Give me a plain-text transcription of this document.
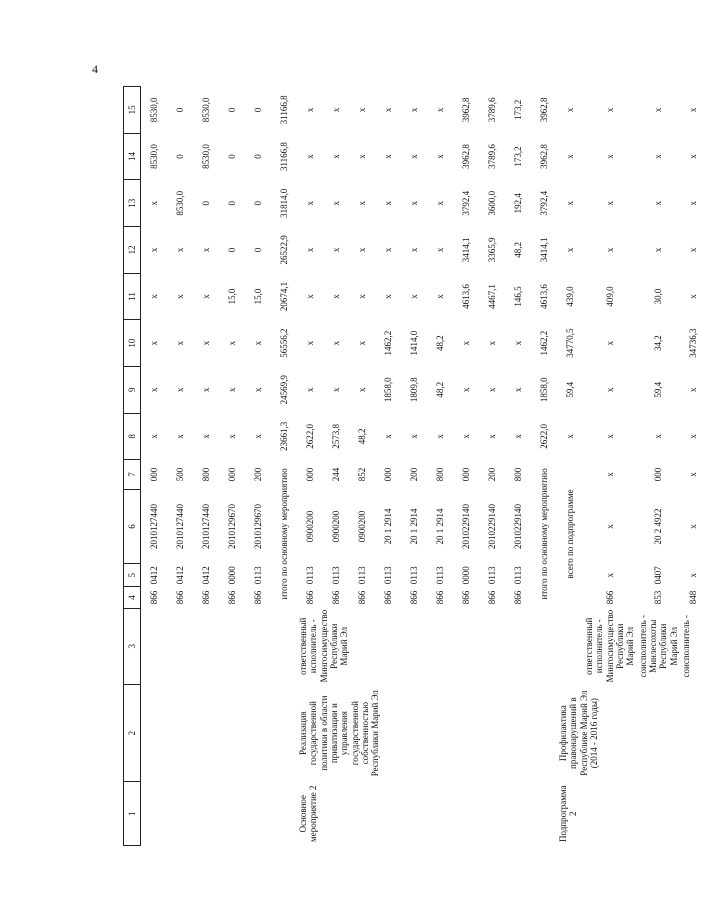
4
1	2	3	4	5	6	7	8	9	10	11	12	13	14	15
			866	0412	2010127440	000	x	x	x	x	x	x	8530,0	8530,0
			866	0412	2010127440	500	x	x	x	x	x	8530,0	0	0
			866	0412	2010127440	800	x	x	x	x	x	0	8530,0	8530,0
			866	0000	2010129670	000	x	x	x	15,0	0	0	0	0
			866	0113	2010129670	200	x	x	x	15,0	0	0	0	0
			итого по основному мероприятию				23661,3	24569,9	56556,2	20674,1	26522,9	31814,0	31166,8	31166,8
Основное мероприятие 2	Реализация государственной политики в области приватизации и управления государственной собственностью Республики Марий Эл	ответственный исполнитель - Мингосимущество Республики Марий Эл	866	0113	0900200	000	2622,0	x	x	x	x	x	x	x
			866	0113	0900200	244	2573,8	x	x	x	x	x	x	x
			866	0113	0900200	852	48,2	x	x	x	x	x	x	x
			866	0113	20 1 2914	000	x	1858,0	1462,2	x	x	x	x	x
			866	0113	20 1 2914	200	x	1809,8	1414,0	x	x	x	x	x
			866	0113	20 1 2914	800	x	48,2	48,2	x	x	x	x	x
			866	0000	2010229140	000	x	x	x	4613,6	3414,1	3792,4	3962,8	3962,8
			866	0113	2010229140	200	x	x	x	4467,1	3365,9	3600,0	3789,6	3789,6
			866	0113	2010229140	800	x	x	x	146,5	48,2	192,4	173,2	173,2
			итого по основному мероприятию				2622,0	1858,0	1462,2	4613,6	3414,1	3792,4	3962,8	3962,8
Подпрограмма 2	Профилактика правонарушений в Республике Марий Эл (2014 - 2016 годы)		всего по подпрограмме				x	59,4	34770,5	439,0	x	x	x	x
		ответственный исполнитель - Мингосимущество Республики Марий Эл	866	x	x	x	x	x	x	409,0	x	x	x	x
		соисполнитель - Минлесохоты Республики Марий Эл	853	0407	20 2 4922	000	x	59,4	34,2	30,0	x	x	x	x
		соисполнитель -	848	x	x	x	x	x	34736,3	x	x	x	x	x
